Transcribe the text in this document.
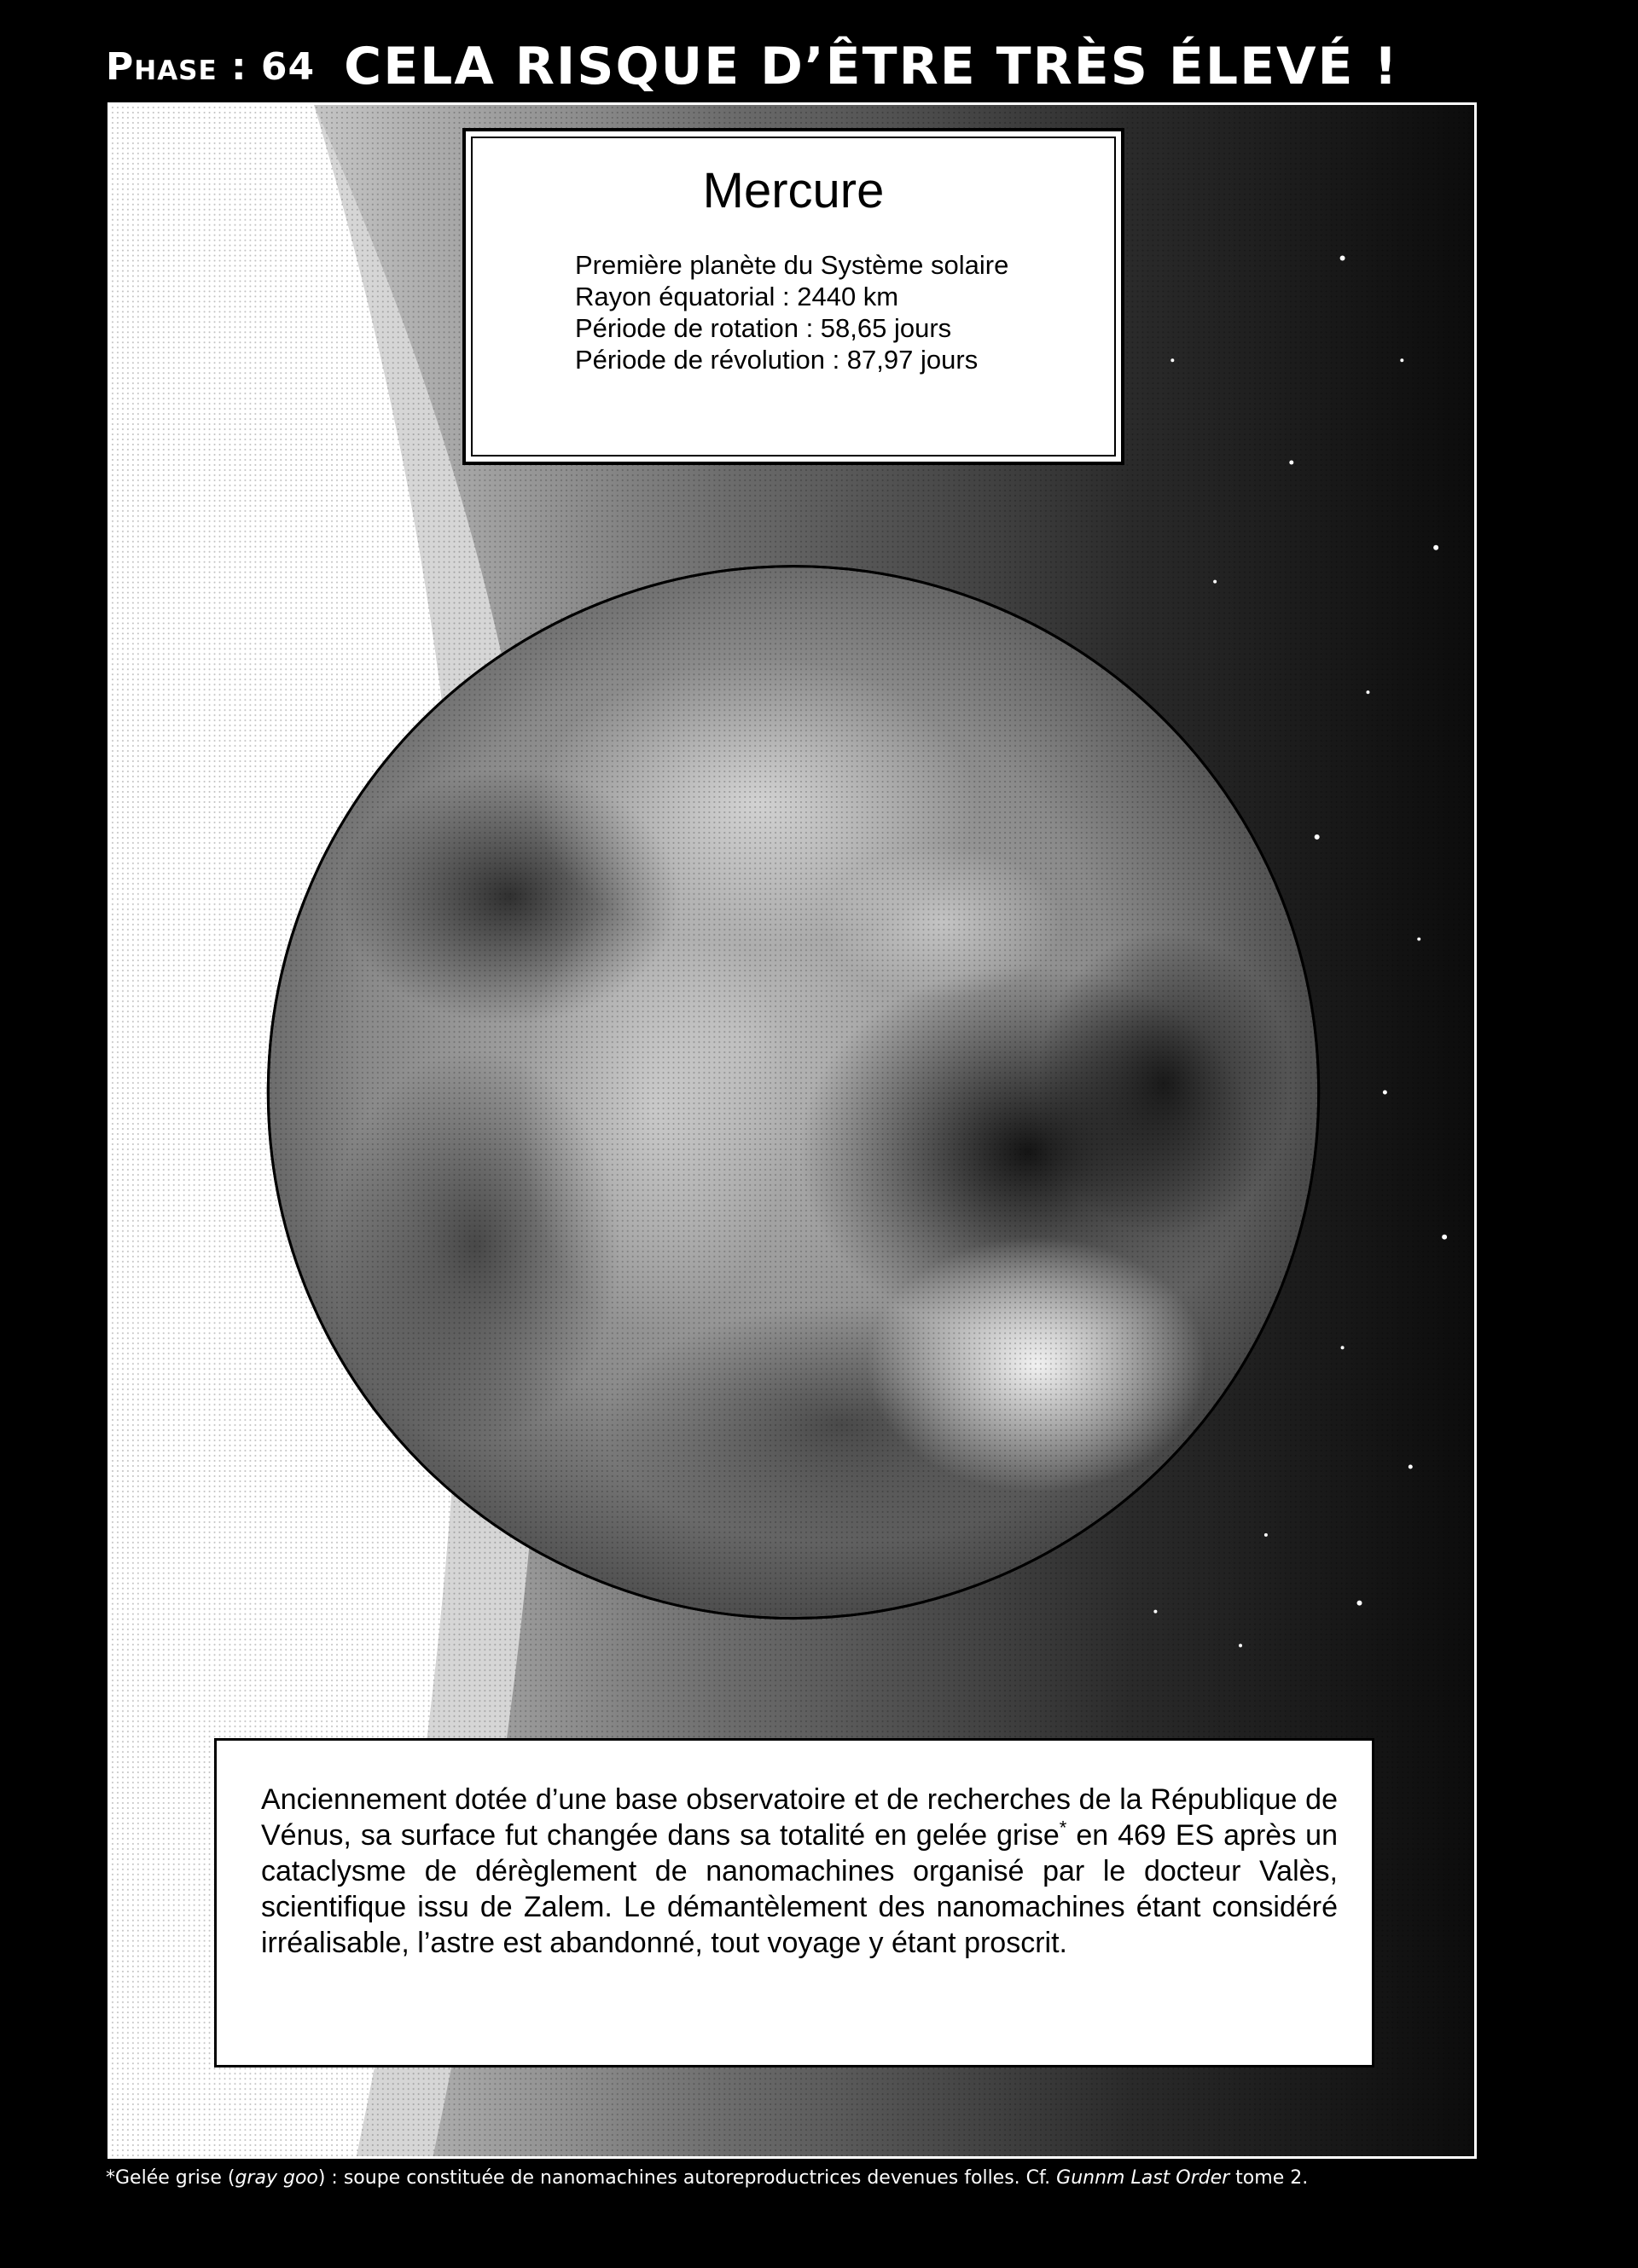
Phase : 64 CELA RISQUE D’ÊTRE TRÈS ÉLEVÉ !
Mercure
Première planète du Système solaire
Rayon équatorial : 2440 km
Période de rotation : 58,65 jours
Période de révolution : 87,97 jours
Anciennement dotée d’une base observatoire et de recherches de la République de Vénus, sa surface fut changée dans sa totalité en gelée grise* en 469 ES après un cataclysme de dérèglement de nanomachines organisé par le docteur Valès, scientifique issu de Zalem. Le démantèlement des nanomachines étant considéré irréalisable, l’astre est abandonné, tout voyage y étant proscrit.
*Gelée grise (gray goo) : soupe constituée de nanomachines autoreproductrices devenues folles. Cf. Gunnm Last Order tome 2.
